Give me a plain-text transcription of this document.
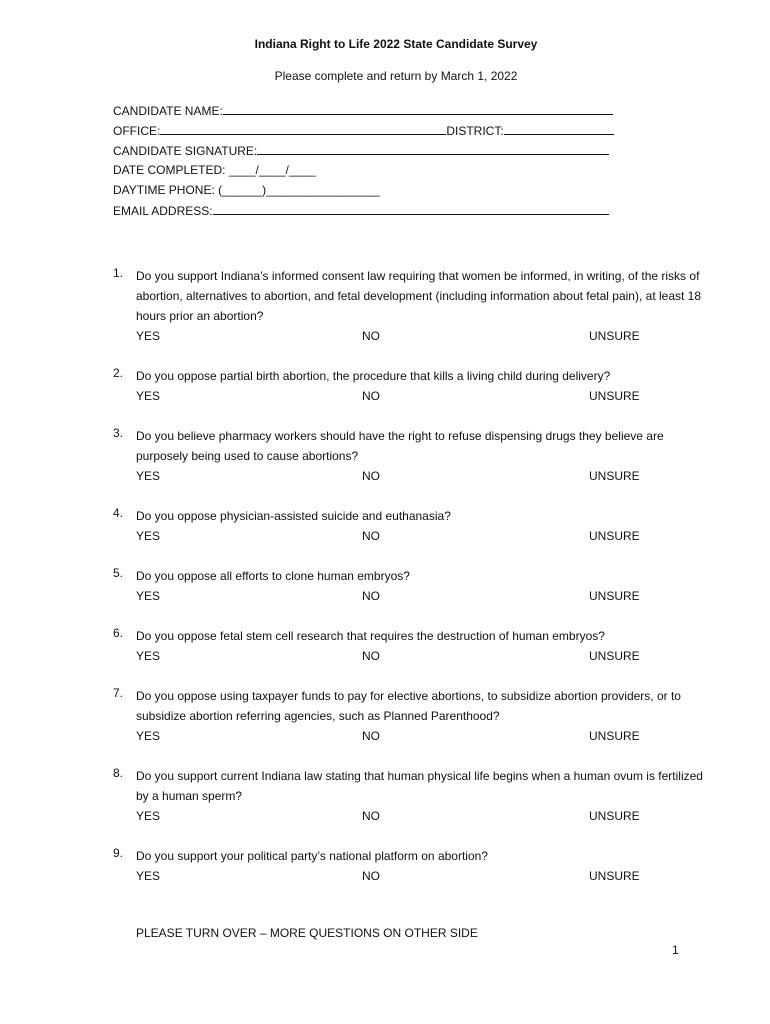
Indiana Right to Life 2022 State Candidate Survey
Please complete and return by March 1, 2022
CANDIDATE NAME:
OFFICE:	DISTRICT:
CANDIDATE SIGNATURE:
DATE COMPLETED: ____/____/____
DAYTIME PHONE: (______)_________________
EMAIL ADDRESS:
1.	Do you support Indiana’s informed consent law requiring that women be informed, in writing, of the risks of abortion, alternatives to abortion, and fetal development (including information about fetal pain), at least 18 hours prior an abortion?
YES	NO	UNSURE
2.	Do you oppose partial birth abortion, the procedure that kills a living child during delivery?
YES	NO	UNSURE
3.	Do you believe pharmacy workers should have the right to refuse dispensing drugs they believe are purposely being used to cause abortions?
YES	NO	UNSURE
4.	Do you oppose physician-assisted suicide and euthanasia?
YES	NO	UNSURE
5.	Do you oppose all efforts to clone human embryos?
YES	NO	UNSURE
6.	Do you oppose fetal stem cell research that requires the destruction of human embryos?
YES	NO	UNSURE
7.	Do you oppose using taxpayer funds to pay for elective abortions, to subsidize abortion providers, or to subsidize abortion referring agencies, such as Planned Parenthood?
YES	NO	UNSURE
8.	Do you support current Indiana law stating that human physical life begins when a human ovum is fertilized by a human sperm?
YES	NO	UNSURE
9.	Do you support your political party’s national platform on abortion?
YES	NO	UNSURE
PLEASE TURN OVER – MORE QUESTIONS ON OTHER SIDE
1
